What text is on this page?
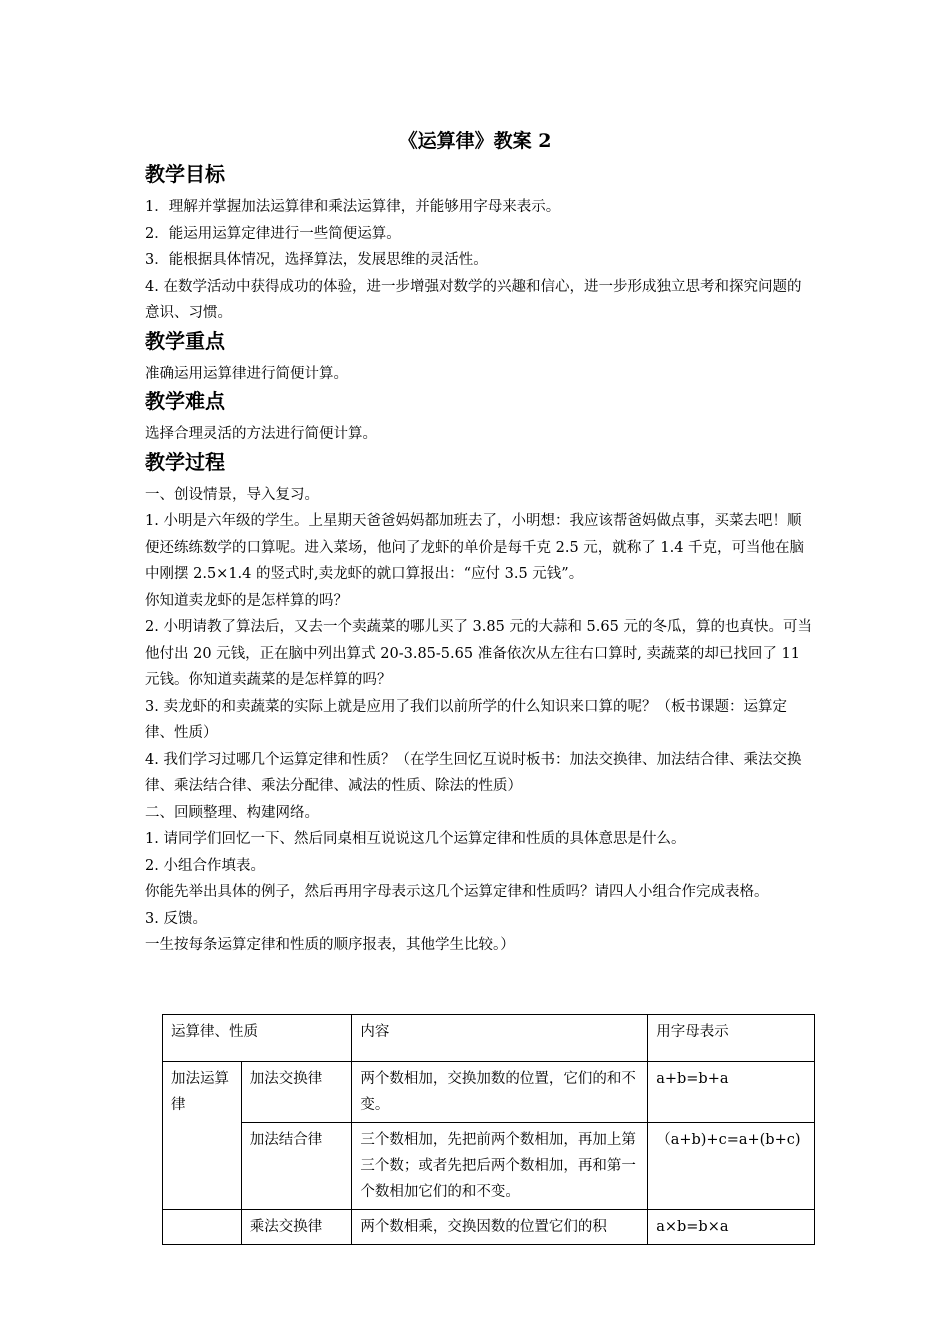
《运算律》教案 2
教学目标

1．理解并掌握加法运算律和乘法运算律，并能够用字母来表示。

2．能运用运算定律进行一些简便运算。

3．能根据具体情况，选择算法，发展思维的灵活性。

4. 在数学活动中获得成功的体验，进一步增强对数学的兴趣和信心，进一步形成独立思考和探究问题的意识、习惯。

教学重点

准确运用运算律进行简便计算。

教学难点

选择合理灵活的方法进行简便计算。

教学过程

一、创设情景，导入复习。

1. 小明是六年级的学生。上星期天爸爸妈妈都加班去了，小明想：我应该帮爸妈做点事，买菜去吧！顺便还练练数学的口算呢。进入菜场，他问了龙虾的单价是每千克 2.5 元，就称了 1.4 千克，可当他在脑中刚摆 2.5×1.4 的竖式时,卖龙虾的就口算报出：“应付 3.5 元钱”。

你知道卖龙虾的是怎样算的吗？

2. 小明请教了算法后，又去一个卖蔬菜的哪儿买了 3.85 元的大蒜和 5.65 元的冬瓜，算的也真快。可当他付出 20 元钱，正在脑中列出算式 20-3.85-5.65 准备依次从左往右口算时, 卖蔬菜的却已找回了 11 元钱。你知道卖蔬菜的是怎样算的吗？

3. 卖龙虾的和卖蔬菜的实际上就是应用了我们以前所学的什么知识来口算的呢？（板书课题：运算定律、性质）

4. 我们学习过哪几个运算定律和性质？（在学生回忆互说时板书：加法交换律、加法结合律、乘法交换律、乘法结合律、乘法分配律、减法的性质、除法的性质）

二、回顾整理、构建网络。

1. 请同学们回忆一下、然后同桌相互说说这几个运算定律和性质的具体意思是什么。

2. 小组合作填表。

你能先举出具体的例子，然后再用字母表示这几个运算定律和性质吗？请四人小组合作完成表格。

3. 反馈。

一生按每条运算定律和性质的顺序报表，其他学生比较。）

运算律、性质		内容	用字母表示
加法运算律	加法交换律	两个数相加，交换加数的位置，它们的和不变。	a+b=b+a
	加法结合律	三个数相加，先把前两个数相加，再加上第三个数；或者先把后两个数相加，再和第一个数相加它们的和不变。	（a+b)+c=a+(b+c)
	乘法交换律	两个数相乘，交换因数的位置它们的积	a×b=b×a
